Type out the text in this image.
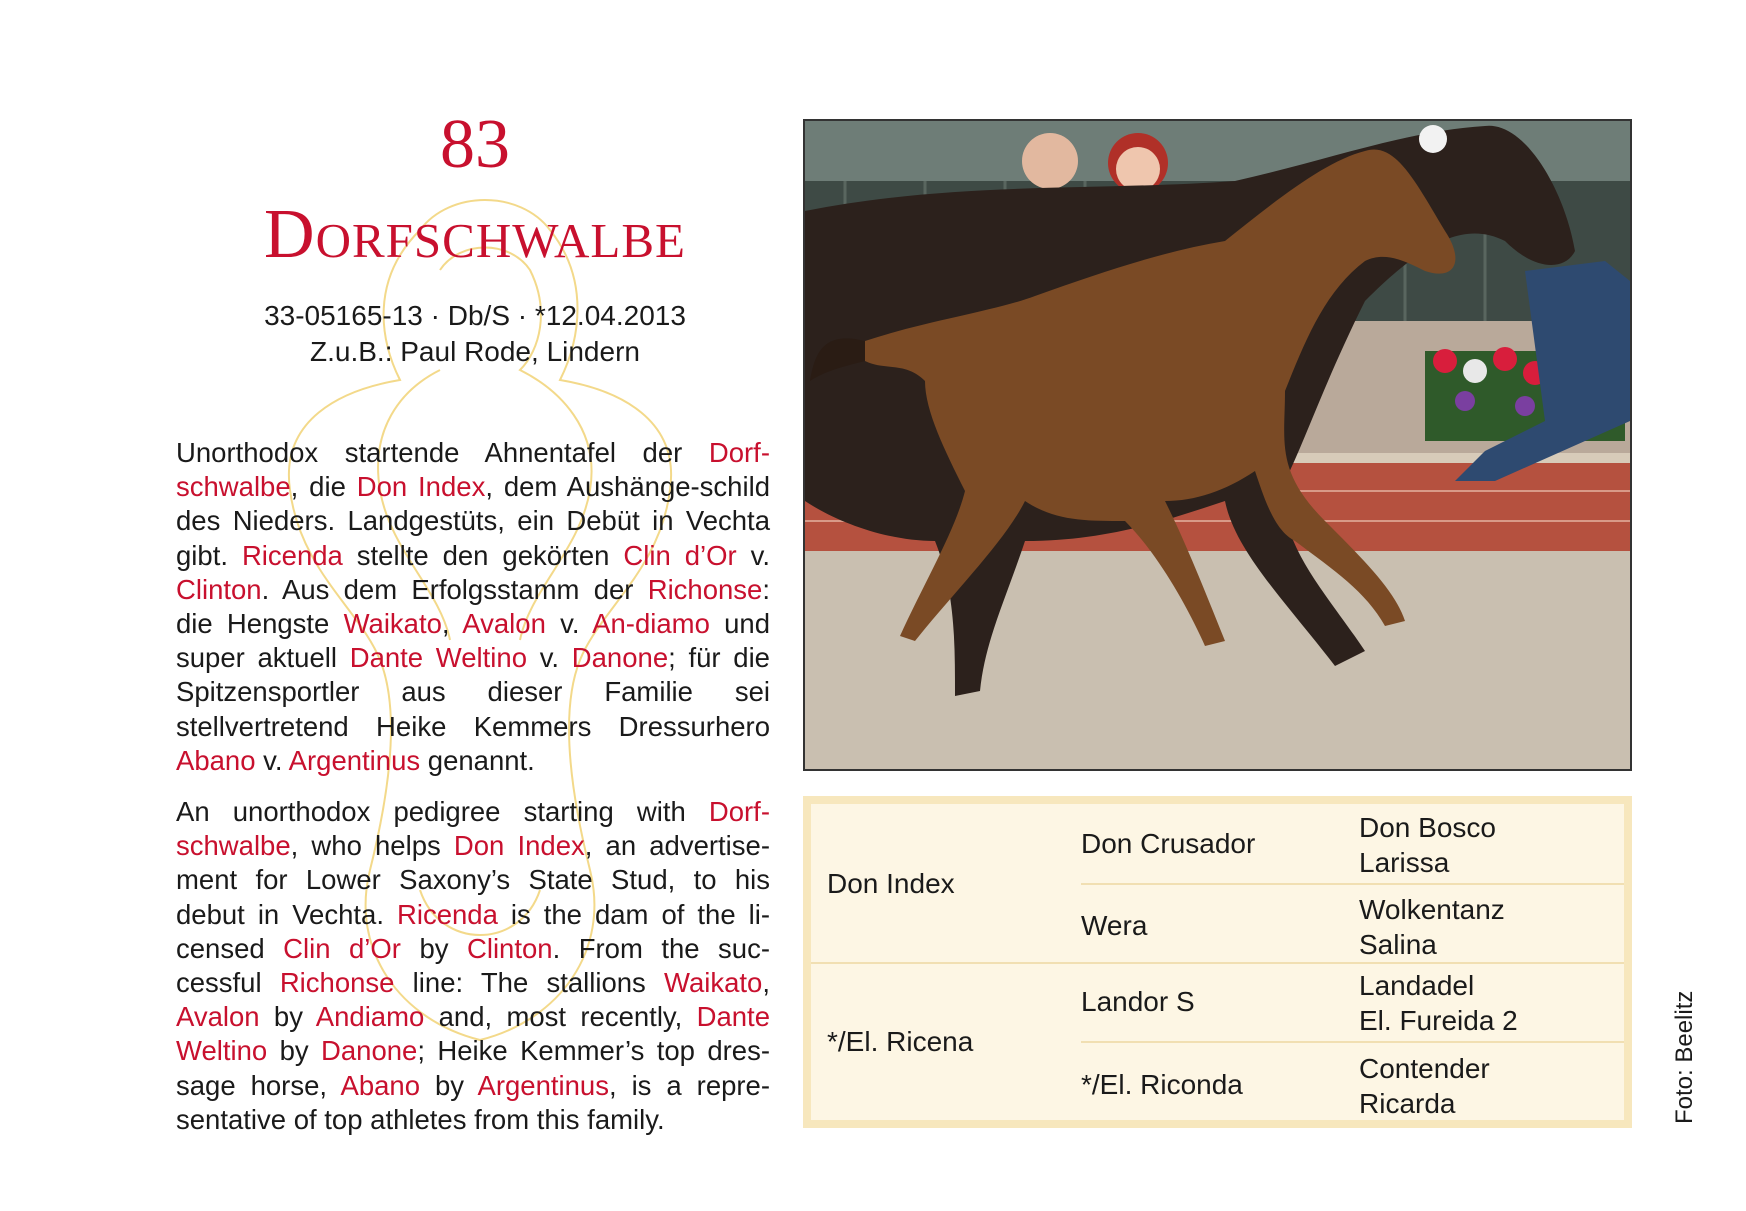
83
Dorfschwalbe
33-05165-13 · Db/S · *12.04.2013
Z.u.B.: Paul Rode, Lindern
Unorthodox startende Ahnentafel der Dorf-schwalbe, die Don Index, dem Aushänge-schild des Nieders. Landgestüts, ein Debüt in Vechta gibt. Ricenda stellte den gekörten Clin d’Or v. Clinton. Aus dem Erfolgsstamm der Richonse: die Hengste Waikato, Avalon v. An-diamo und super aktuell Dante Weltino v. Danone; für die Spitzensportler aus dieser Familie sei stellvertretend Heike Kemmers Dressurhero Abano v. Argentinus genannt.
An unorthodox pedigree starting with Dorf-schwalbe, who helps Don Index, an advertise-ment for Lower Saxony’s State Stud, to his debut in Vechta. Ricenda is the dam of the li-censed Clin d’Or by Clinton. From the suc-cessful Richonse line: The stallions Waikato, Avalon by Andiamo and, most recently, Dante Weltino by Danone; Heike Kemmer’s top dres-sage horse, Abano by Argentinus, is a repre-sentative of top athletes from this family.
Don Index
*/El. Ricena
Don Crusador
Wera
Landor S
*/El. Riconda
Don Bosco
Larissa
Wolkentanz
Salina
Landadel
El. Fureida 2
Contender
Ricarda	Foto: Beelitz
